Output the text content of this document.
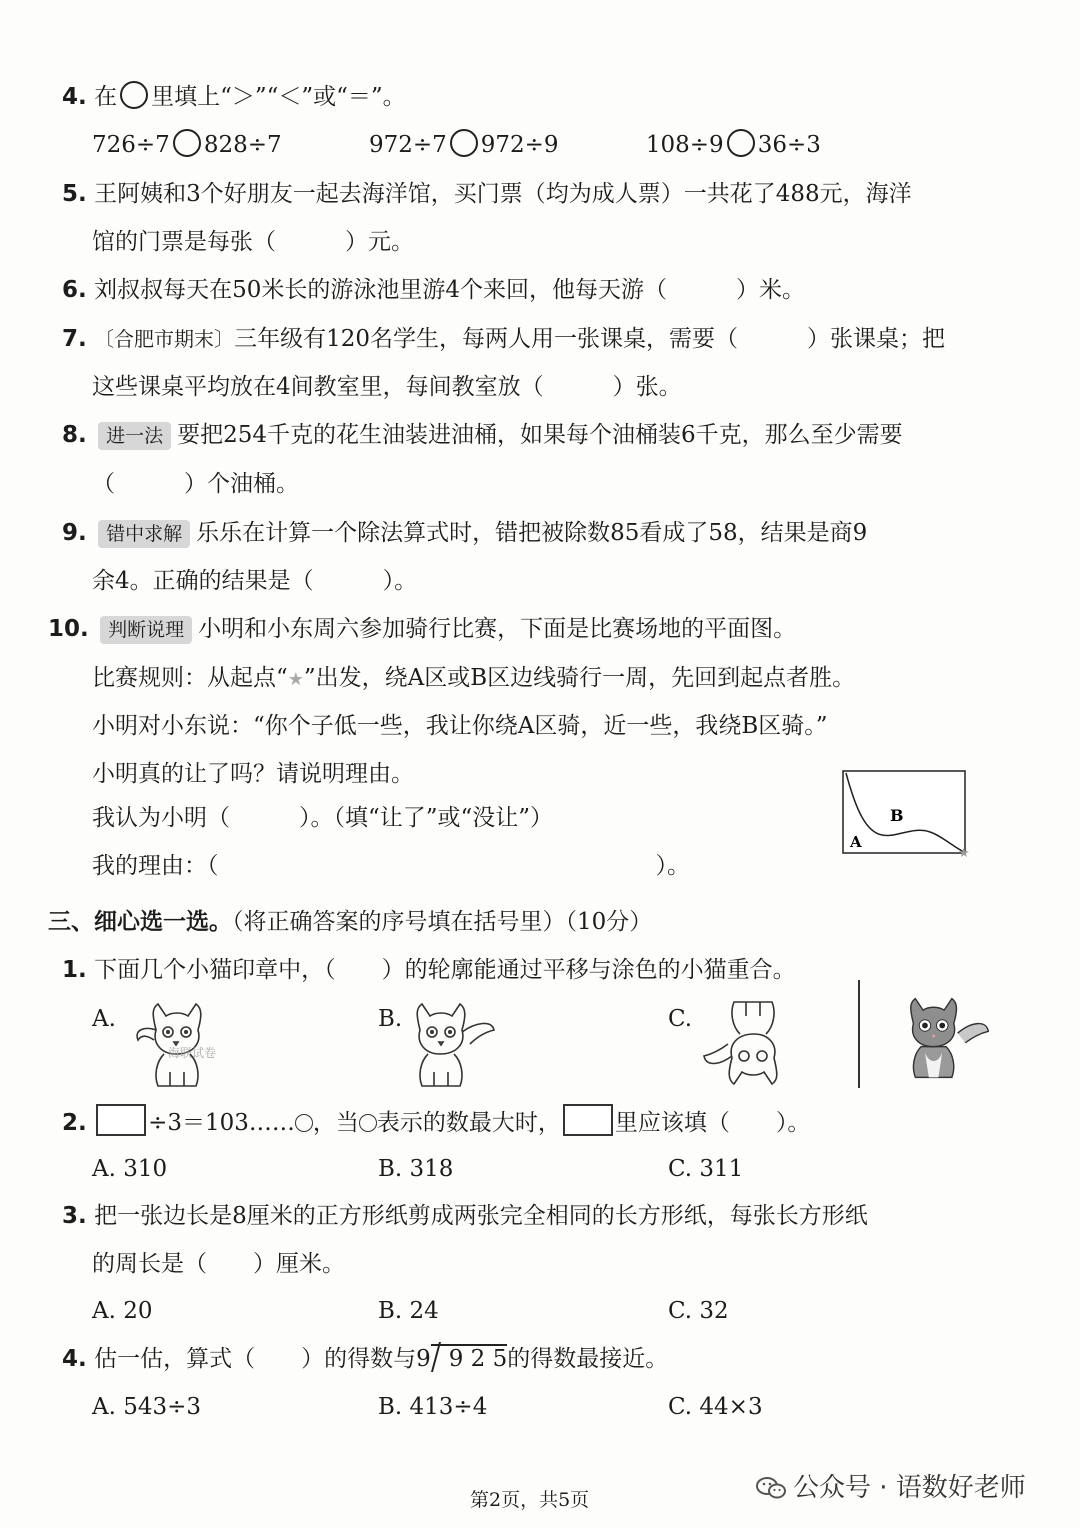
4. 在 里填上“＞”“＜”或“＝”。
726÷7 828÷7	972÷7 972÷9	108÷9 36÷3
5. 王阿姨和3个好朋友一起去海洋馆，买门票（均为成人票）一共花了488元，海洋
馆的门票是每张（　　　）元。
6. 刘叔叔每天在50米长的游泳池里游4个来回，他每天游（　　　）米。
7. 〔合肥市期末〕三年级有120名学生，每两人用一张课桌，需要（　　　）张课桌；把
这些课桌平均放在4间教室里，每间教室放（　　　）张。
8. 进一法 要把254千克的花生油装进油桶，如果每个油桶装6千克，那么至少需要
（　　　）个油桶。
9. 错中求解 乐乐在计算一个除法算式时，错把被除数85看成了58，结果是商9
余4。正确的结果是（　　　）。
10. 判断说理 小明和小东周六参加骑行比赛，下面是比赛场地的平面图。
比赛规则：从起点“★”出发，绕A区或B区边线骑行一周，先回到起点者胜。
小明对小东说：“你个子低一些，我让你绕A区骑，近一些，我绕B区骑。”
小明真的让了吗？请说明理由。
我认为小明（　　　）。（填“让了”或“没让”）
我的理由：（　　　　　　　　　　　　　　　　　　　）。
A
B
★
三、细心选一选。（将正确答案的序号填在括号里）（10分）
1. 下面几个小猫印章中，（　　）的轮廓能通过平移与涂色的小猫重合。
A.	B.	C.
海联试卷
2.	÷3＝103…… ，当 表示的数最大时， 里应该填（　　）。
A. 310	B. 318	C. 311
3. 把一张边长是8厘米的正方形纸剪成两张完全相同的长方形纸，每张长方形纸
的周长是（　　）厘米。
A. 20	B. 24	C. 32
4. 估一估，算式（　　）的得数与9 9 2 5
的得数最接近。
A. 543÷3	B. 413÷4	C. 44×3
公众号 · 语数好老师
第2页，共5页
